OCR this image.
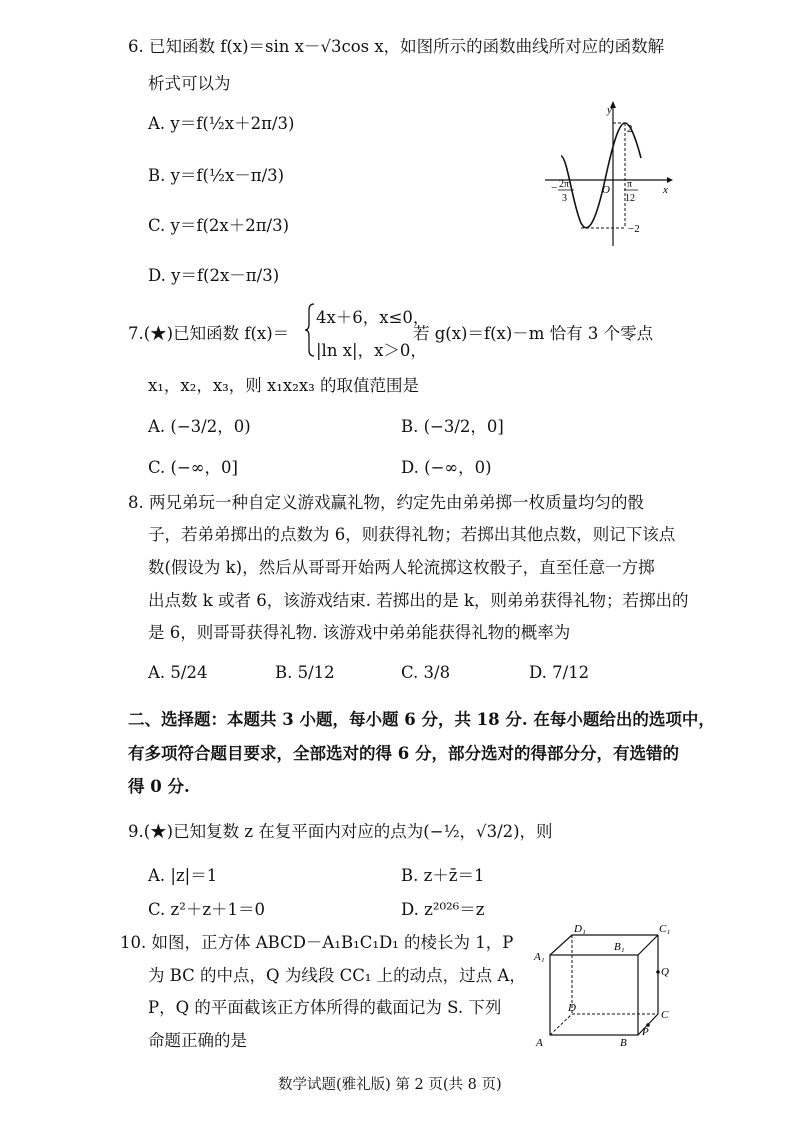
6. 已知函数 f(x)＝sin x－√3cos x，如图所示的函数曲线所对应的函数解
析式可以为
A. y＝f(½x＋2π/3)
B. y＝f(½x－π/3)
C. y＝f(2x＋2π/3)
D. y＝f(2x－π/3)
y
x
O
2
−2
− 2π
3
π
12
7.(★)已知函数 f(x)＝
4x＋6，x≤0，
|ln x|，x＞0，
若 g(x)＝f(x)－m 恰有 3 个零点
x₁，x₂，x₃，则 x₁x₂x₃ 的取值范围是
A. (−3/2，0)	B. (−3/2，0]
C. (−∞，0]	D. (−∞，0)
8. 两兄弟玩一种自定义游戏赢礼物，约定先由弟弟掷一枚质量均匀的骰
子，若弟弟掷出的点数为 6，则获得礼物；若掷出其他点数，则记下该点
数(假设为 k)，然后从哥哥开始两人轮流掷这枚骰子，直至任意一方掷
出点数 k 或者 6，该游戏结束. 若掷出的是 k，则弟弟获得礼物；若掷出的
是 6，则哥哥获得礼物. 该游戏中弟弟能获得礼物的概率为
A. 5/24	B. 5/12	C. 3/8	D. 7/12
二、选择题：本题共 3 小题，每小题 6 分，共 18 分. 在每小题给出的选项中，
有多项符合题目要求，全部选对的得 6 分，部分选对的得部分分，有选错的
得 0 分.
9.(★)已知复数 z 在复平面内对应的点为(−½，√3/2)，则
A. |z|＝1	B. z＋z̄＝1
C. z²＋z＋1＝0	D. z²⁰²⁶＝z
10. 如图，正方体 ABCD－A₁B₁C₁D₁ 的棱长为 1，P
为 BC 的中点，Q 为线段 CC₁ 上的动点，过点 A，
P，Q 的平面截该正方体所得的截面记为 S. 下列
命题正确的是
A₁
D₁
B₁
C₁
Q
D
C
P
A	B
数学试题(雅礼版) 第 2 页(共 8 页)
